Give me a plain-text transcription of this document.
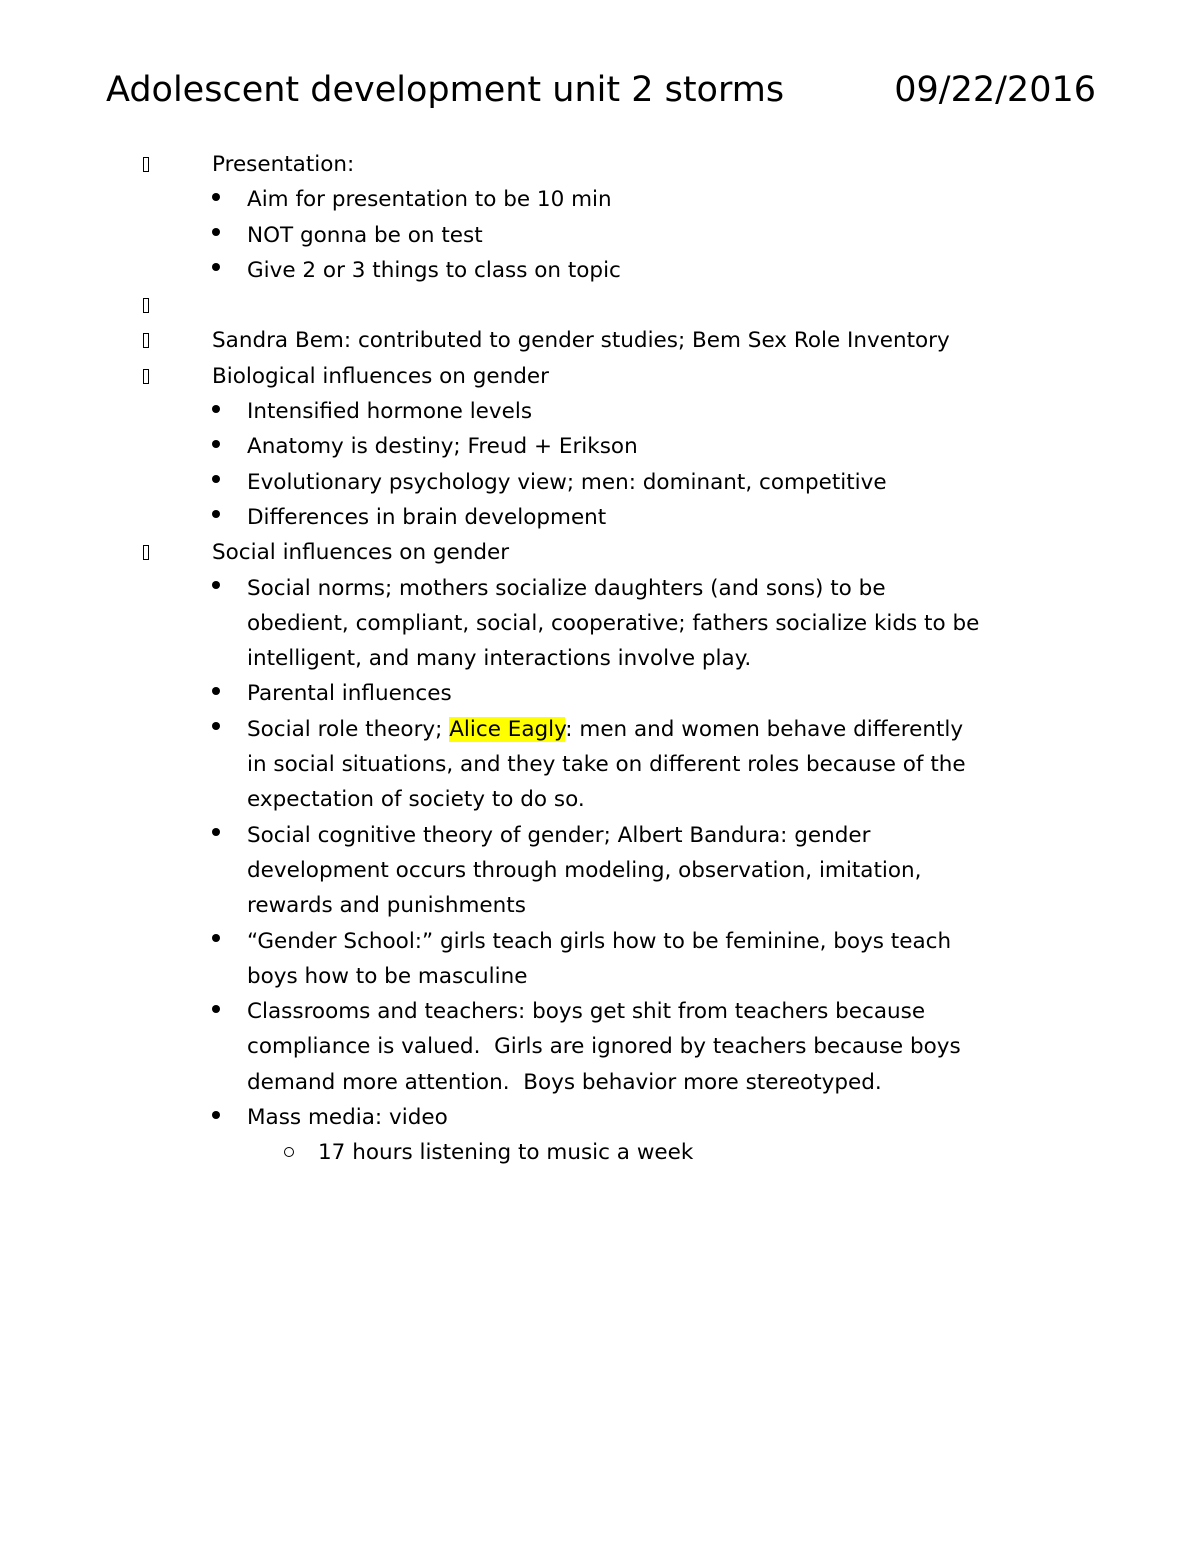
Adolescent development unit 2 storms	09/22/2016
Presentation:
Aim for presentation to be 10 min
NOT gonna be on test
Give 2 or 3 things to class on topic
Sandra Bem: contributed to gender studies; Bem Sex Role Inventory
Biological influences on gender
Intensified hormone levels
Anatomy is destiny; Freud + Erikson
Evolutionary psychology view; men: dominant, competitive
Differences in brain development
Social influences on gender
Social norms; mothers socialize daughters (and sons) to be
obedient, compliant, social, cooperative; fathers socialize kids to be
intelligent, and many interactions involve play.
Parental influences
Social role theory; Alice Eagly: men and women behave differently
in social situations, and they take on different roles because of the
expectation of society to do so.
Social cognitive theory of gender; Albert Bandura: gender
development occurs through modeling, observation, imitation,
rewards and punishments
“Gender School:” girls teach girls how to be feminine, boys teach
boys how to be masculine
Classrooms and teachers: boys get shit from teachers because
compliance is valued.  Girls are ignored by teachers because boys
demand more attention.  Boys behavior more stereotyped.
Mass media: video
17 hours listening to music a week
